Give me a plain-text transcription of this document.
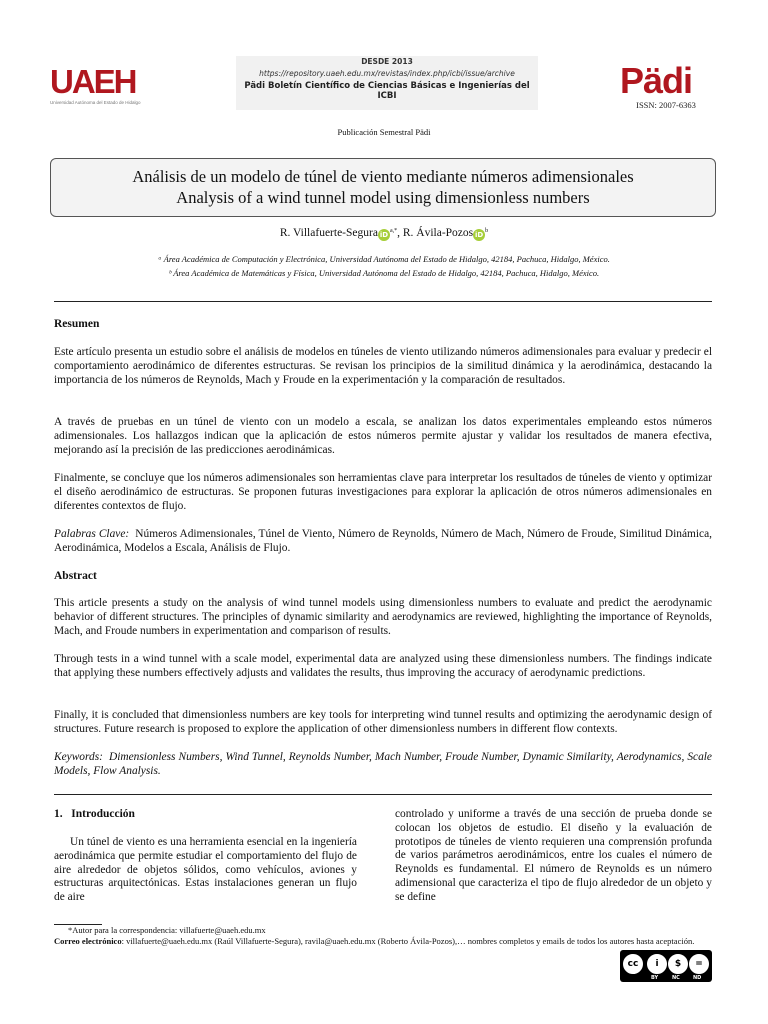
UAEH
Universidad Autónoma del Estado de Hidalgo
DESDE 2013
https://repository.uaeh.edu.mx/revistas/index.php/icbi/issue/archive
Pädi Boletín Científico de Ciencias Básicas e Ingenierías del ICBI	Pädi
ISSN: 2007-6363
Publicación Semestral Pädi
Análisis de un modelo de túnel de viento mediante números adimensionales
Analysis of a wind tunnel model using dimensionless numbers
R. Villafuerte-Segura iD $^{a,*}$, R. Ávila-Pozos iD $^b$
ᵃ Área Académica de Computación y Electrónica, Universidad Autónoma del Estado de Hidalgo, 42184, Pachuca, Hidalgo, México.
ᵇ Área Académica de Matemáticas y Física, Universidad Autónoma del Estado de Hidalgo, 42184, Pachuca, Hidalgo, México.
Resumen
Este artículo presenta un estudio sobre el análisis de modelos en túneles de viento utilizando números adimensionales para evaluar y predecir el comportamiento aerodinámico de diferentes estructuras. Se revisan los principios de la similitud dinámica y la aerodinámica, destacando la importancia de los números de Reynolds, Mach y Froude en la experimentación y la comparación de resultados.
A través de pruebas en un túnel de viento con un modelo a escala, se analizan los datos experimentales empleando estos números adimensionales. Los hallazgos indican que la aplicación de estos números permite ajustar y validar los resultados de manera efectiva, mejorando así la precisión de las predicciones aerodinámicas.
Finalmente, se concluye que los números adimensionales son herramientas clave para interpretar los resultados de túneles de viento y optimizar el diseño aerodinámico de estructuras. Se proponen futuras investigaciones para explorar la aplicación de otros números adimensionales en diferentes contextos de flujo.
Palabras Clave: Números Adimensionales, Túnel de Viento, Número de Reynolds, Número de Mach, Número de Froude, Similitud Dinámica, Aerodinámica, Modelos a Escala, Análisis de Flujo.
Abstract
This article presents a study on the analysis of wind tunnel models using dimensionless numbers to evaluate and predict the aerodynamic behavior of different structures. The principles of dynamic similarity and aerodynamics are reviewed, highlighting the importance of Reynolds, Mach, and Froude numbers in experimentation and comparison of results.
Through tests in a wind tunnel with a scale model, experimental data are analyzed using these dimensionless numbers. The findings indicate that applying these numbers effectively adjusts and validates the results, thus improving the accuracy of aerodynamic predictions.
Finally, it is concluded that dimensionless numbers are key tools for interpreting wind tunnel results and optimizing the aerodynamic design of structures. Future research is proposed to explore the application of other dimensionless numbers in different flow contexts.
Keywords: Dimensionless Numbers, Wind Tunnel, Reynolds Number, Mach Number, Froude Number, Dynamic Similarity, Aerodynamics, Scale Models, Flow Analysis.
1.   Introducción
Un túnel de viento es una herramienta esencial en la ingeniería aerodinámica que permite estudiar el comportamiento del flujo de aire alrededor de objetos sólidos, como vehículos, aviones y estructuras arquitectónicas. Estas instalaciones generan un flujo de aire
controlado y uniforme a través de una sección de prueba donde se colocan los objetos de estudio. El diseño y la evaluación de prototipos de túneles de viento requieren una comprensión profunda de varios parámetros aerodinámicos, entre los cuales el número de Reynolds es fundamental. El número de Reynolds es un número adimensional que caracteriza el tipo de flujo alrededor de un objeto y se define
*Autor para la correspondencia: villafuerte@uaeh.edu.mx
Correo electrónico: villafuerte@uaeh.edu.mx (Raúl Villafuerte-Segura), ravila@uaeh.edu.mx (Roberto Ávila-Pozos),… nombres completos y emails de todos los autores hasta aceptación.
cc	i	$	=
BY	NC	ND
